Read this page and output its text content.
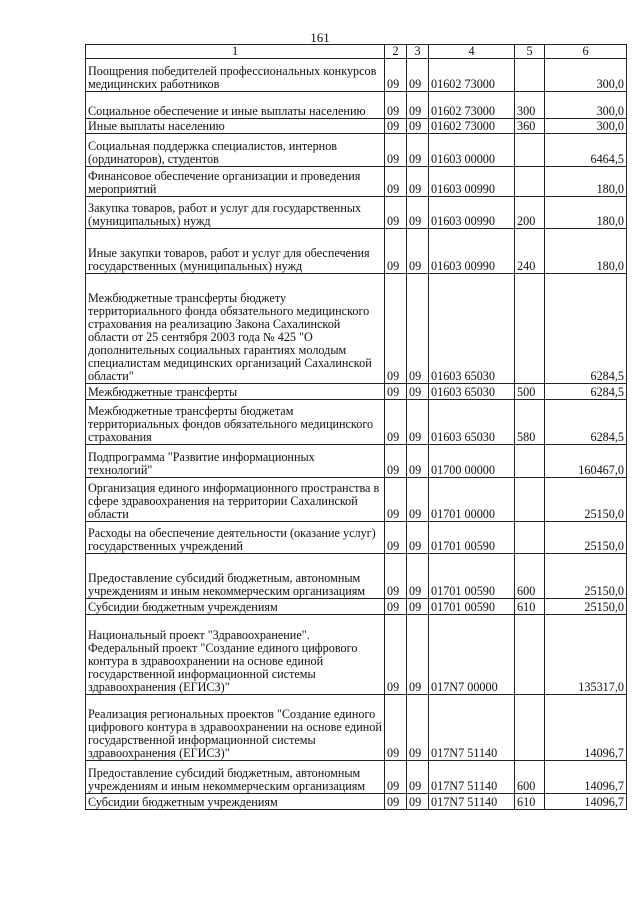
161
1	2	3	4	5	6
Поощрения победителей профессиональных конкурсов медицинских работников	09	09	01602 73000		300,0
Социальное обеспечение и иные выплаты населению	09	09	01602 73000	300	300,0
Иные выплаты населению	09	09	01602 73000	360	300,0
Социальная поддержка специалистов, интернов (ординаторов), студентов	09	09	01603 00000		6464,5
Финансовое обеспечение организации и проведения мероприятий	09	09	01603 00990		180,0
Закупка товаров, работ и услуг для государственных (муниципальных) нужд	09	09	01603 00990	200	180,0
Иные закупки товаров, работ и услуг для обеспечения государственных (муниципальных) нужд	09	09	01603 00990	240	180,0
Межбюджетные трансферты бюджету территориального фонда обязательного медицинского страхования на реализацию Закона Сахалинской области от 25 сентября 2003 года № 425 "О дополнительных социальных гарантиях молодым специалистам медицинских организаций Сахалинской области"	09	09	01603 65030		6284,5
Межбюджетные трансферты	09	09	01603 65030	500	6284,5
Межбюджетные трансферты бюджетам территориальных фондов обязательного медицинского страхования	09	09	01603 65030	580	6284,5
Подпрограмма "Развитие информационных технологий"	09	09	01700 00000		160467,0
Организация единого информационного пространства в сфере здравоохранения на территории Сахалинской области	09	09	01701 00000		25150,0
Расходы на обеспечение деятельности (оказание услуг) государственных учреждений	09	09	01701 00590		25150,0
Предоставление субсидий бюджетным, автономным учреждениям и иным некоммерческим организациям	09	09	01701 00590	600	25150,0
Субсидии бюджетным учреждениям	09	09	01701 00590	610	25150,0
Национальный проект "Здравоохранение". Федеральный проект "Создание единого цифрового контура в здравоохранении на основе единой государственной информационной системы здравоохранения (ЕГИСЗ)"	09	09	017N7 00000		135317,0
Реализация региональных проектов "Создание единого цифрового контура в здравоохранении на основе единой государственной информационной системы здравоохранения (ЕГИСЗ)"	09	09	017N7 51140		14096,7
Предоставление субсидий бюджетным, автономным учреждениям и иным некоммерческим организациям	09	09	017N7 51140	600	14096,7
Субсидии бюджетным учреждениям	09	09	017N7 51140	610	14096,7
